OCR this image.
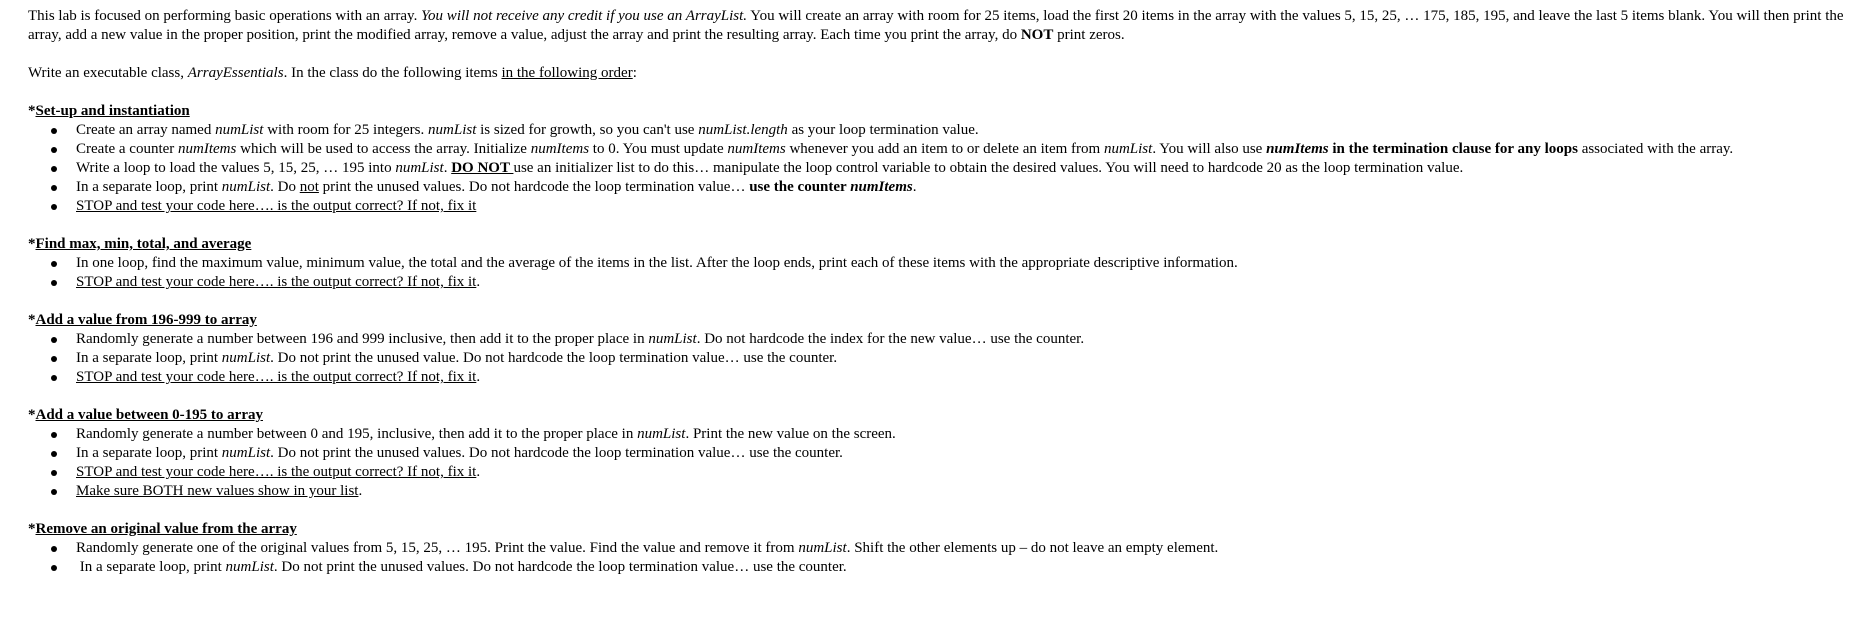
This lab is focused on performing basic operations with an array. You will not receive any credit if you use an ArrayList. You will create an array with room for 25 items, load the first 20 items in the array with the values 5, 15, 25, … 175, 185, 195, and leave the last 5 items blank. You will then print the array, add a new value in the proper position, print the modified array, remove a value, adjust the array and print the resulting array. Each time you print the array, do NOT print zeros.

Write an executable class, ArrayEssentials. In the class do the following items in the following order:

*Set-up and instantiation

Create an array named numList with room for 25 integers. numList is sized for growth, so you can't use numList.length as your loop termination value.
Create a counter numItems which will be used to access the array. Initialize numItems to 0. You must update numItems whenever you add an item to or delete an item from numList. You will also use numItems in the termination clause for any loops associated with the array.
Write a loop to load the values 5, 15, 25, … 195 into numList. DO NOT use an initializer list to do this… manipulate the loop control variable to obtain the desired values. You will need to hardcode 20 as the loop termination value.
In a separate loop, print numList. Do not print the unused values. Do not hardcode the loop termination value… use the counter numItems.
STOP and test your code here…. is the output correct? If not, fix it

*Find max, min, total, and average

In one loop, find the maximum value, minimum value, the total and the average of the items in the list. After the loop ends, print each of these items with the appropriate descriptive information.
STOP and test your code here…. is the output correct? If not, fix it.

*Add a value from 196-999 to array

Randomly generate a number between 196 and 999 inclusive, then add it to the proper place in numList. Do not hardcode the index for the new value… use the counter.
In a separate loop, print numList. Do not print the unused value. Do not hardcode the loop termination value… use the counter.
STOP and test your code here…. is the output correct? If not, fix it.

*Add a value between 0-195 to array

Randomly generate a number between 0 and 195, inclusive, then add it to the proper place in numList. Print the new value on the screen.
In a separate loop, print numList. Do not print the unused values. Do not hardcode the loop termination value… use the counter.
STOP and test your code here…. is the output correct? If not, fix it.
Make sure BOTH new values show in your list.

*Remove an original value from the array

Randomly generate one of the original values from 5, 15, 25, … 195. Print the value. Find the value and remove it from numList. Shift the other elements up – do not leave an empty element.
In a separate loop, print numList. Do not print the unused values. Do not hardcode the loop termination value… use the counter.
